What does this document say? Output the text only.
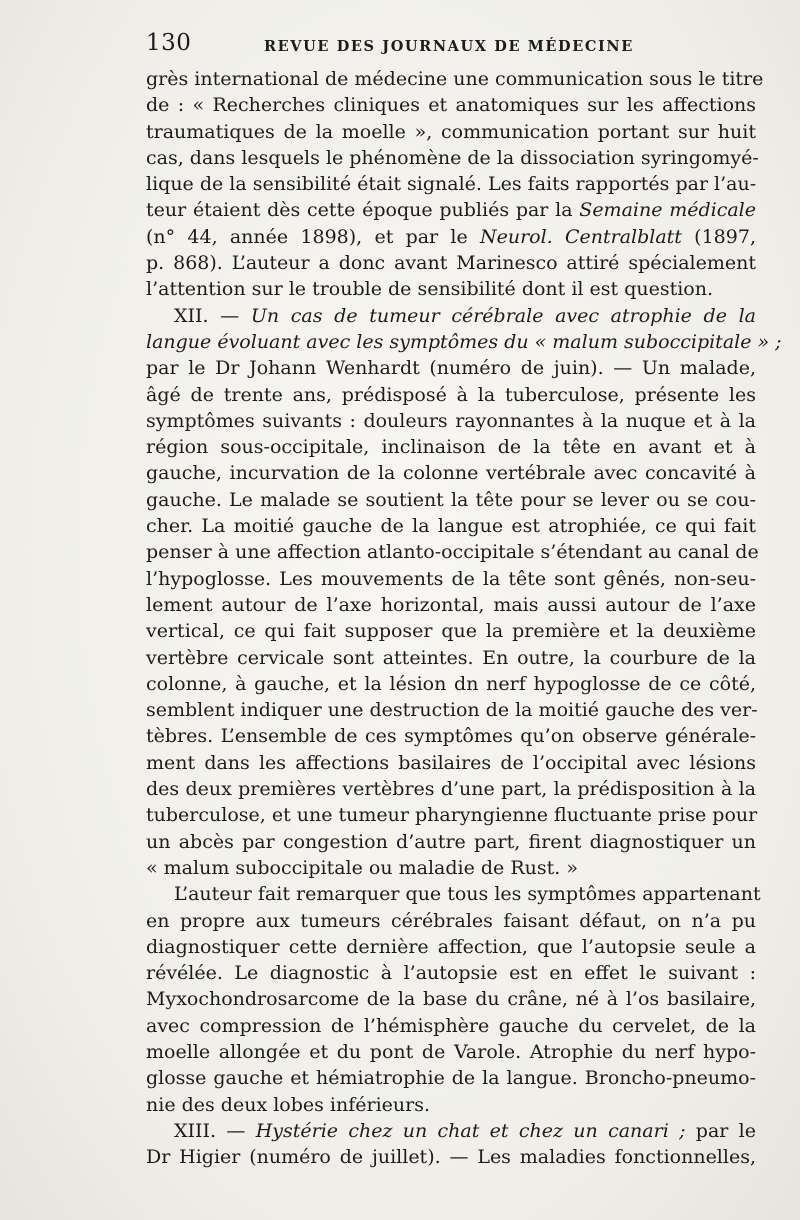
130	REVUE DES JOURNAUX DE MÉDECINE
grès international de médecine une communication sous le titre
de : « Recherches cliniques et anatomiques sur les affections
traumatiques de la moelle », communication portant sur huit
cas, dans lesquels le phénomène de la dissociation syringomyé-
lique de la sensibilité était signalé. Les faits rapportés par l’au-
teur étaient dès cette époque publiés par la Semaine médicale
(n° 44, année 1898), et par le Neurol. Centralblatt (1897,
p. 868). L’auteur a donc avant Marinesco attiré spécialement
l’attention sur le trouble de sensibilité dont il est question.
XII. — Un cas de tumeur cérébrale avec atrophie de la
langue évoluant avec les symptômes du « malum suboccipitale » ;
par le Dr Johann Wenhardt (numéro de juin). — Un malade,
âgé de trente ans, prédisposé à la tuberculose, présente les
symptômes suivants : douleurs rayonnantes à la nuque et à la
région sous-occipitale, inclinaison de la tête en avant et à
gauche, incurvation de la colonne vertébrale avec concavité à
gauche. Le malade se soutient la tête pour se lever ou se cou-
cher. La moitié gauche de la langue est atrophiée, ce qui fait
penser à une affection atlanto-occipitale s’étendant au canal de
l’hypoglosse. Les mouvements de la tête sont gênés, non-seu-
lement autour de l’axe horizontal, mais aussi autour de l’axe
vertical, ce qui fait supposer que la première et la deuxième
vertèbre cervicale sont atteintes. En outre, la courbure de la
colonne, à gauche, et la lésion dn nerf hypoglosse de ce côté,
semblent indiquer une destruction de la moitié gauche des ver-
tèbres. L’ensemble de ces symptômes qu’on observe générale-
ment dans les affections basilaires de l’occipital avec lésions
des deux premières vertèbres d’une part, la prédisposition à la
tuberculose, et une tumeur pharyngienne fluctuante prise pour
un abcès par congestion d’autre part, firent diagnostiquer un
« malum suboccipitale ou maladie de Rust. »
L’auteur fait remarquer que tous les symptômes appartenant
en propre aux tumeurs cérébrales faisant défaut, on n’a pu
diagnostiquer cette dernière affection, que l’autopsie seule a
révélée. Le diagnostic à l’autopsie est en effet le suivant :
Myxochondrosarcome de la base du crâne, né à l’os basilaire,
avec compression de l’hémisphère gauche du cervelet, de la
moelle allongée et du pont de Varole. Atrophie du nerf hypo-
glosse gauche et hémiatrophie de la langue. Broncho-pneumo-
nie des deux lobes inférieurs.
XIII. — Hystérie chez un chat et chez un canari ; par le
Dr Higier (numéro de juillet). — Les maladies fonctionnelles,
